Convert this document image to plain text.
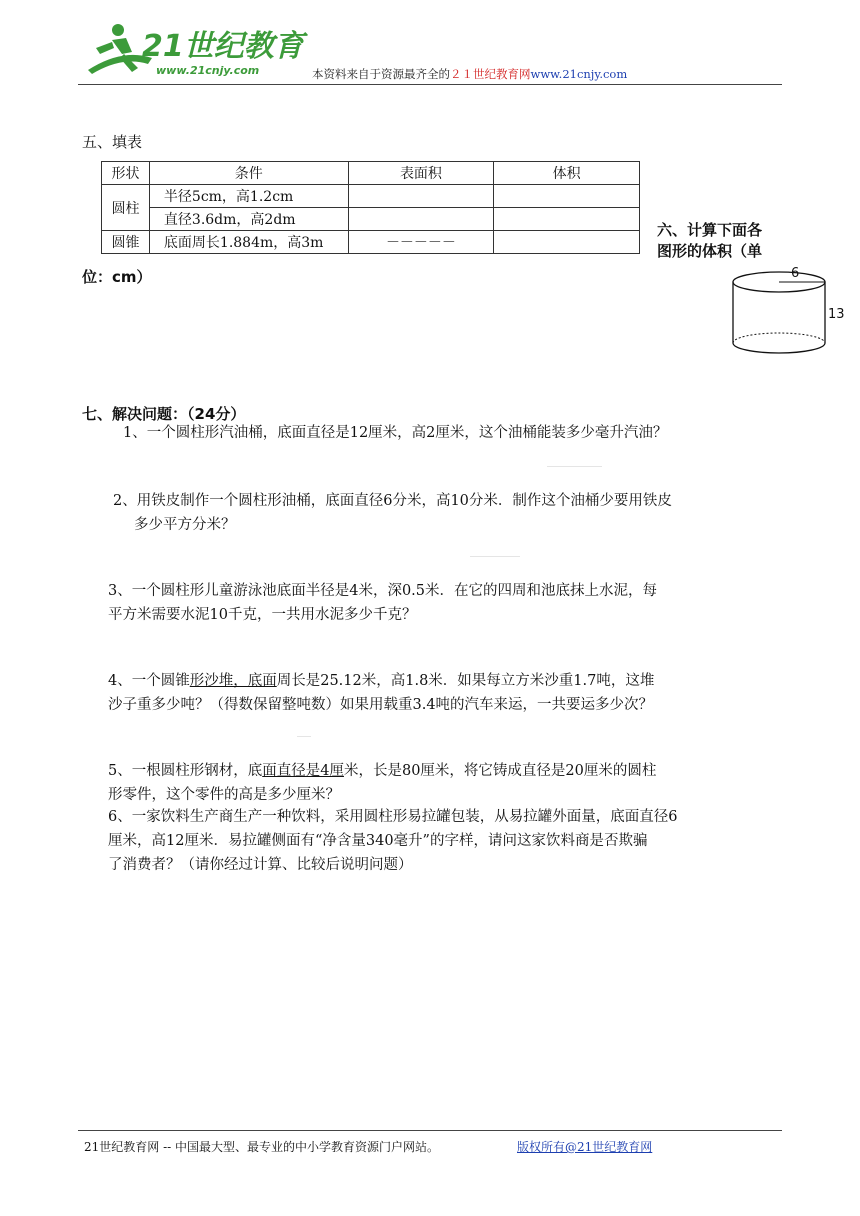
21世纪教育
www.21cnjy.com	本资料来自于资源最齐全的２１世纪教育网www.21cnjy.com
五、填表
形状	条件	表面积	体积
圆柱	半径5cm，高1.2cm		
	直径3.6dm，高2dm		
圆锥	底面周长1.884m，高3m	－－－－－	
六、计算下面各
图形的体积（单
位：cm）	6
13
七、解决问题：（24分）
1、一个圆柱形汽油桶，底面直径是12厘米，高2厘米，这个油桶能装多少毫升汽油？
2、用铁皮制作一个圆柱形油桶，底面直径6分米，高10分米．制作这个油桶少要用铁皮
多少平方分米？
3、一个圆柱形儿童游泳池底面半径是4米，深0.5米．在它的四周和池底抹上水泥，每
平方米需要水泥10千克，一共用水泥多少千克？
4、一个圆锥形沙堆，底面周长是25.12米，高1.8米．如果每立方米沙重1.7吨，这堆
沙子重多少吨？（得数保留整吨数）如果用载重3.4吨的汽车来运，一共要运多少次？
5、一根圆柱形钢材，底面直径是4厘米，长是80厘米，将它铸成直径是20厘米的圆柱
形零件，这个零件的高是多少厘米？
6、一家饮料生产商生产一种饮料，采用圆柱形易拉罐包装，从易拉罐外面量，底面直径6
厘米，高12厘米．易拉罐侧面有“净含量340毫升”的字样，请问这家饮料商是否欺骗
了消费者？（请你经过计算、比较后说明问题）
21世纪教育网 -- 中国最大型、最专业的中小学教育资源门户网站。	版权所有@21世纪教育网
